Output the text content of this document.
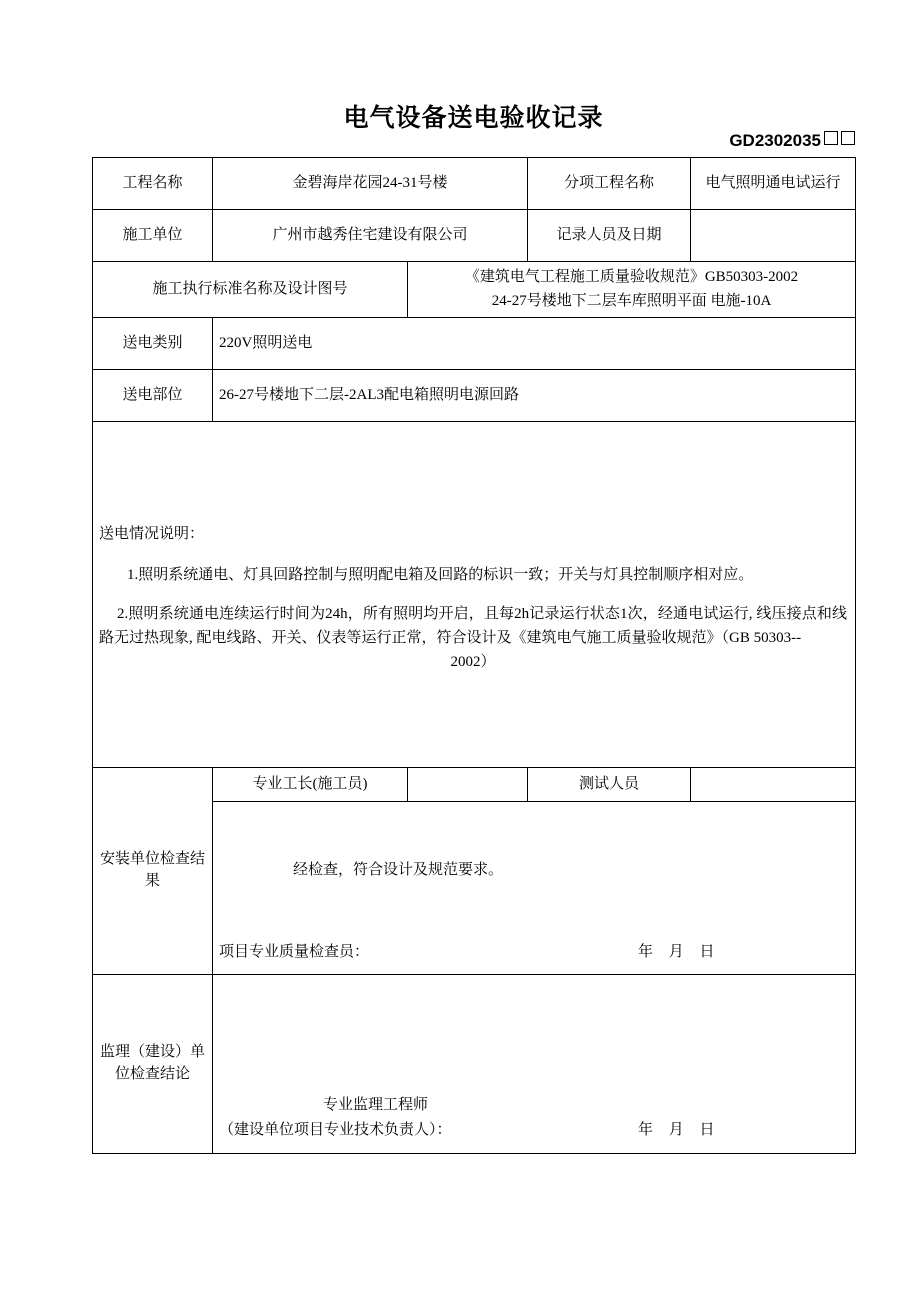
电气设备送电验收记录
GD2302035
工程名称	金碧海岸花园24-31号楼		分项工程名称	电气照明通电试运行
施工单位	广州市越秀住宅建设有限公司		记录人员及日期	
施工执行标准名称及设计图号		《建筑电气工程施工质量验收规范》GB50303-2002
24-27号楼地下二层车库照明平面 电施-10A		

送电类别	220V照明送电			
送电部位	26-27号楼地下二层-2AL3配电箱照明电源回路			

送电情况说明：

1.照明系统通电、灯具回路控制与照明配电箱及回路的标识一致；开关与灯具控制顺序相对应。

2.照明系统通电连续运行时间为24h，所有照明均开启，且每2h记录运行状态1次，经通电试运行, 线压接点和线路无过热现象, 配电线路、开关、仪表等运行正常，符合设计及《建筑电气施工质量验收规范》（GB 50303--
2002）				

安装单位检查结果	专业工长(施工员)		测试人员	

	经检查，符合设计及规范要求。
项目专业质量检查员： 年 月 日			

监理（建设）单位检查结论	专业监理工程师
（建设单位项目专业技术负责人）： 年 月 日			
